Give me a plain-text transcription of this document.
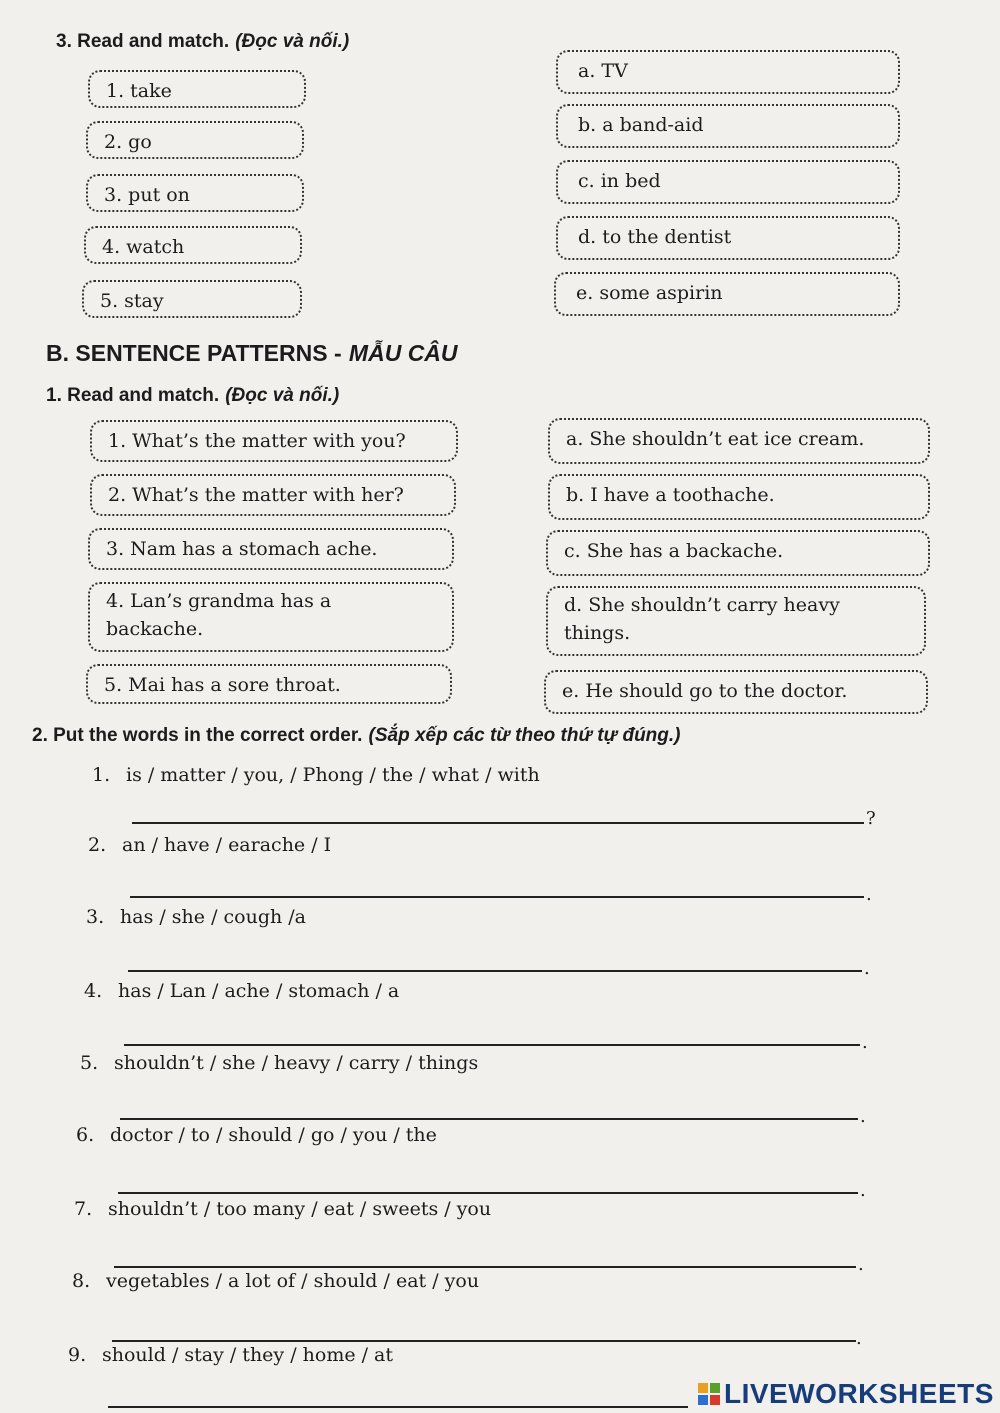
3. Read and match. (Đọc và nối.)
1. take
2. go
3. put on
4. watch
5. stay
a. TV
b. a band-aid
c. in bed
d. to the dentist
e. some aspirin
B. SENTENCE PATTERNS - MẪU CÂU
1. Read and match. (Đọc và nối.)
1. What’s the matter with you?
2. What’s the matter with her?
3. Nam has a stomach ache.
4. Lan’s grandma has a backache.
5. Mai has a sore throat.
a. She shouldn’t eat ice cream.
b. I have a toothache.
c. She has a backache.
d. She shouldn’t carry heavy things.
e. He should go to the doctor.
2. Put the words in the correct order. (Sắp xếp các từ theo thứ tự đúng.)
1. is / matter / you, / Phong / the / what / with
?
2. an / have / earache / I
.
3. has / she / cough /a
.
4. has / Lan / ache / stomach / a
.
5. shouldn’t / she / heavy / carry / things
.
6. doctor / to / should / go / you / the
.
7. shouldn’t / too many / eat / sweets / you
.
8. vegetables / a lot of / should / eat / you
.
9. should / stay / they / home / at
LIVEWORKSHEETS
